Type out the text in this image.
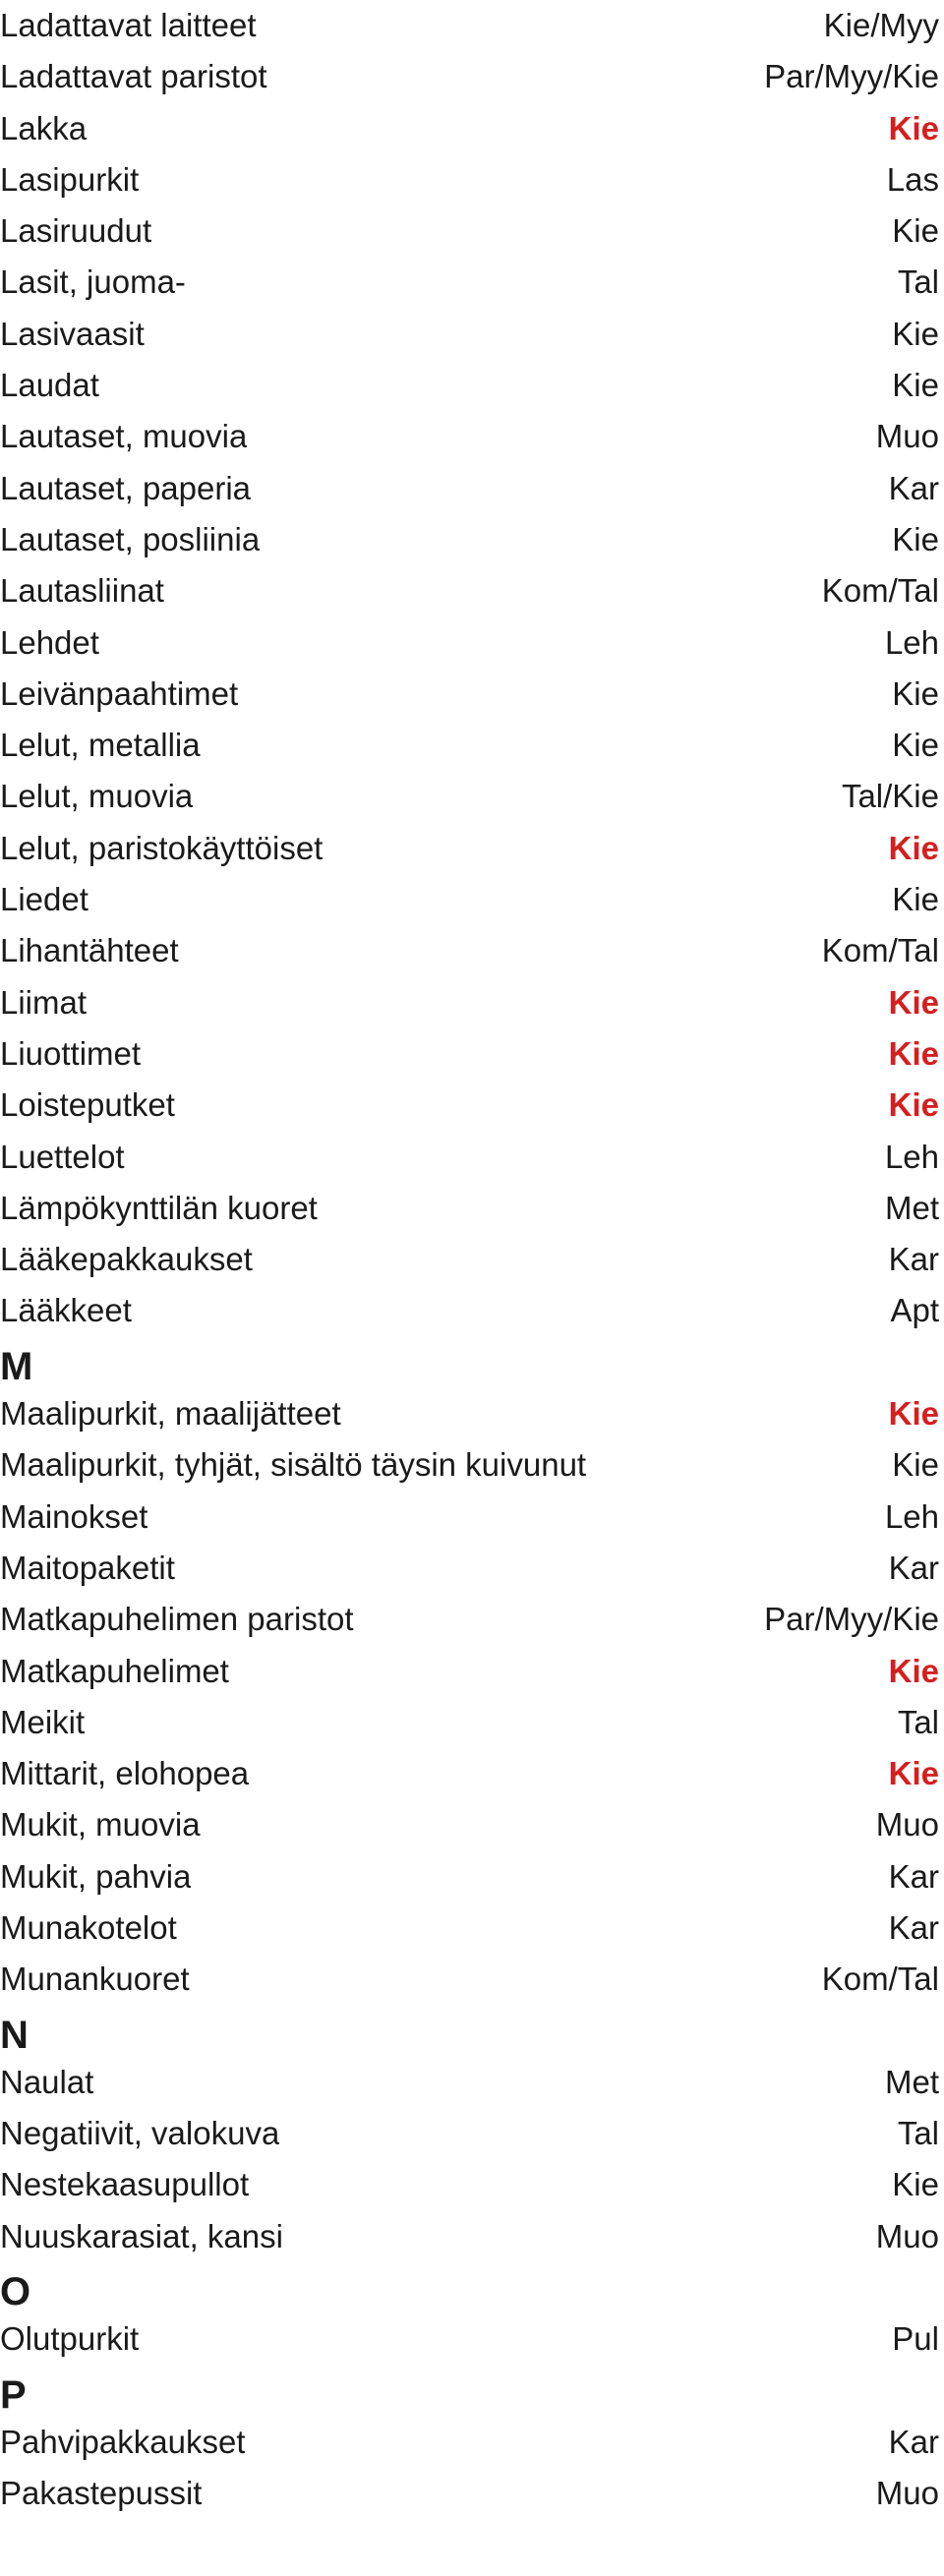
Ladattavat laitteet	Kie/Myy
Ladattavat paristot	Par/Myy/Kie
Lakka	Kie
Lasipurkit	Las
Lasiruudut	Kie
Lasit, juoma-	Tal
Lasivaasit	Kie
Laudat	Kie
Lautaset, muovia	Muo
Lautaset, paperia	Kar
Lautaset, posliinia	Kie
Lautasliinat	Kom/Tal
Lehdet	Leh
Leivänpaahtimet	Kie
Lelut, metallia	Kie
Lelut, muovia	Tal/Kie
Lelut, paristokäyttöiset	Kie
Liedet	Kie
Lihantähteet	Kom/Tal
Liimat	Kie
Liuottimet	Kie
Loisteputket	Kie
Luettelot	Leh
Lämpökynttilän kuoret	Met
Lääkepakkaukset	Kar
Lääkkeet	Apt
M
Maalipurkit, maalijätteet	Kie
Maalipurkit, tyhjät, sisältö täysin kuivunut	Kie
Mainokset	Leh
Maitopaketit	Kar
Matkapuhelimen paristot	Par/Myy/Kie
Matkapuhelimet	Kie
Meikit	Tal
Mittarit, elohopea	Kie
Mukit, muovia	Muo
Mukit, pahvia	Kar
Munakotelot	Kar
Munankuoret	Kom/Tal
N
Naulat	Met
Negatiivit, valokuva	Tal
Nestekaasupullot	Kie
Nuuskarasiat, kansi	Muo
O
Olutpurkit	Pul
P
Pahvipakkaukset	Kar
Pakastepussit	Muo
